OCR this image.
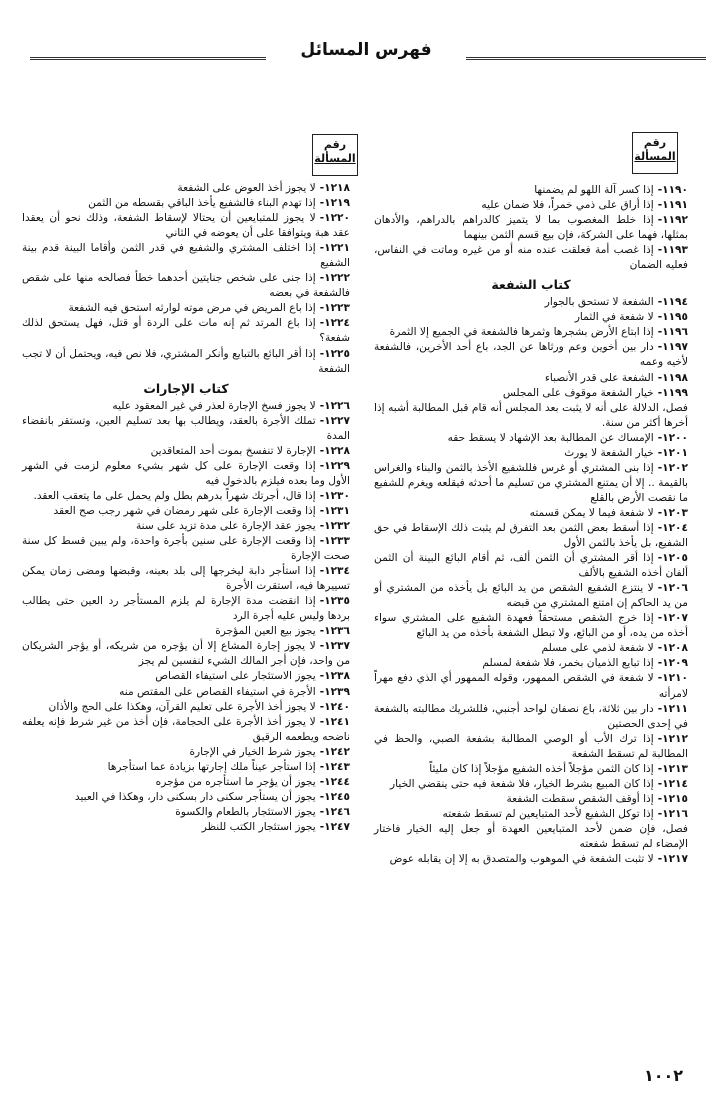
فهرس المسائل
رقم
المسألة
رقم
المسألة
١١٩٠-إذا كسر آلة اللهو لم يضمنها
١١٩١-إذا أراق على ذمي خمراً، فلا ضمان عليه
١١٩٢-إذا خلط المغصوب بما لا يتميز كالدراهم بالدراهم، والأدهان بمثلها، فهما على الشركة، فإن بيع قسم الثمن بينهما
١١٩٣-إذا غصب أمة فعلقت عنده منه أو من غيره وماتت في النفاس، فعليه الضمان
كتاب الشفعة
١١٩٤-الشفعة لا تستحق بالجوار
١١٩٥-لا شفعة في الثمار
١١٩٦-إذا ابتاع الأرض بشجرها وثمرها فالشفعة في الجميع إلا الثمرة
١١٩٧-دار بين أخوين وعم ورثاها عن الجد، باع أحد الأخرين، فالشفعة لأخيه وعمه
١١٩٨-الشفعة على قدر الأنصباء
١١٩٩-خيار الشفعة موقوف على المجلس
فصل، الدلالة على أنه لا يثبت بعد المجلس أنه قام قبل المطالبة أشبه إذا أخرها أكثر من سنة.
١٢٠٠-الإمساك عن المطالبة بعد الإشهاد لا يسقط حقه
١٢٠١-خيار الشفعة لا يورث
١٢٠٢-إذا بنى المشتري أو غرس فللشفيع الأخذ بالثمن والبناء والغراس بالقيمة .. إلا أن يمتنع المشتري من تسليم ما أحدثه فيقلعه ويغرم للشفيع ما نقصت الأرض بالقلع
١٢٠٣-لا شفعة فيما لا يمكن قسمته
١٢٠٤-إذا أسقط بعض الثمن بعد التفرق لم يثبت ذلك الإسقاط في حق الشفيع، بل يأخذ بالثمن الأول
١٢٠٥-إذا أقر المشتري أن الثمن ألف، ثم أقام البائع البينة أن الثمن ألفان أخذه الشفيع بالألف
١٢٠٦-لا ينتزع الشفيع الشقص من يد البائع بل يأخذه من المشتري أو من يد الحاكم إن امتنع المشتري من قبضه
١٢٠٧-إذا خرج الشقص مستحقاً فعهدة الشفيع على المشتري سواء أخذه من يده، أو من البائع، ولا تبطل الشفعة بأخذه من يد البائع
١٢٠٨-لا شفعة لذمي على مسلم
١٢٠٩-إذا تبايع الذميان بخمر، فلا شفعة لمسلم
١٢١٠-لا شفعة في الشقص الممهور، وقوله الممهور أي الذي دفع مهراً لامرأته
١٢١١-دار بين ثلاثة، باع نصفان لواحد أجنبي، فللشريك مطالبته بالشفعة في إحدى الحصتين
١٢١٢-إذا ترك الأب أو الوصي المطالبة بشفعة الصبي، والحظ في المطالبة لم تسقط الشفعة
١٢١٣-إذا كان الثمن مؤجلاً أخذه الشفيع مؤجلاً إذا كان مليئاً
١٢١٤-إذا كان المبيع بشرط الخيار، فلا شفعة فيه حتى ينقضي الخيار
١٢١٥-إذا أوقف الشقص سقطت الشفعة
١٢١٦-إذا توكل الشفيع لأحد المتبايعين لم تسقط شفعته
فصل، فإن ضمن لأحد المتبايعين العهدة أو جعل إليه الخيار فاختار الإمضاء لم تسقط شفعته
١٢١٧-لا تثبت الشفعة في الموهوب والمتصدق به إلا إن يقابله عوض
١٢١٨-لا يجوز أخذ العوض على الشفعة
١٢١٩-إذا تهدم البناء فالشفيع يأخذ الباقي بقسطه من الثمن
١٢٢٠-لا يجوز للمتبايعين أن يحتالا لإسقاط الشفعة، وذلك نحو أن يعقدا عقد هبة ويتوافقا على أن يعوضه في الثاني
١٢٢١-إذا اختلف المشتري والشفيع في قدر الثمن وأقاما البينة قدم بينة الشفيع
١٢٢٢-إذا جنى على شخص جنايتين أحدهما خطأ فصالحه منها على شقص فالشفعة في بعضه
١٢٢٣-إذا باع المريض في مرض موته لوارثه استحق فيه الشفعة
١٢٢٤-إذا باع المرتد ثم إنه مات على الردة أو قتل، فهل يستحق لذلك شفعة؟
١٢٢٥-إذا أقر البائع بالتبايع وأنكر المشتري، فلا نص فيه، ويحتمل أن لا تجب الشفعة
كتاب الإجارات
١٢٢٦-لا يجوز فسخ الإجارة لعذر في غير المعقود عليه
١٢٢٧-تملك الأجرة بالعقد، ويطالب بها بعد تسليم العين، وتستقر بانقضاء المدة
١٢٢٨-الإجارة لا تنفسخ بموت أحد المتعاقدين
١٢٢٩-إذا وقعت الإجارة على كل شهر بشيء معلوم لزمت في الشهر الأول وما بعده فيلزم بالدخول فيه
١٢٣٠-إذا قال، أجرتك شهراً بدرهم بطل ولم يحمل على ما يتعقب العقد.
١٢٣١-إذا وقعت الإجارة على شهر رمضان في شهر رجب صح العقد
١٢٣٢-يجوز عقد الإجارة على مدة تزيد على سنة
١٢٣٣-إذا وقعت الإجارة على سنين بأجرة واحدة، ولم يبين قسط كل سنة صحت الإجارة
١٢٣٤-إذا استأجر دابة ليخرجها إلى بلد بعينه، وقبضها ومضى زمان يمكن تسييرها فيه، استقرت الأجرة
١٢٣٥-إذا انقضت مدة الإجارة لم يلزم المستأجر رد العين حتى يطالب بردها وليس عليه أجرة الرد
١٢٣٦-يجوز بيع العين المؤجرة
١٢٣٧-لا يجوز إجارة المشاع إلا أن يؤجره من شريكه، أو يؤجر الشريكان من واحد، فإن أجر المالك الشيء لنفسين لم يجز
١٢٣٨-يجوز الاستئجار على استيفاء القصاص
١٢٣٩-الأجرة في استيفاء القصاص على المقتص منه
١٢٤٠-لا يجوز أخذ الأجرة على تعليم القرآن، وهكذا على الحج والأذان
١٢٤١-لا يجوز أخذ الأجرة على الحجامة، فإن أخذ من غير شرط فإنه يعلفه ناضحه ويطعمه الرقيق
١٢٤٢-يجوز شرط الخيار في الإجارة
١٢٤٣-إذا استأجر عيناً ملك إجارتها بزيادة عما استأجرها
١٢٤٤-يجوز أن يؤجر ما استأجره من مؤجره
١٢٤٥-يجوز أن يستأجر سكنى دار بسكنى دار، وهكذا في العبيد
١٢٤٦-يجوز الاستئجار بالطعام والكسوة
١٢٤٧-يجوز استئجار الكتب للنظر
١٠٠٢
